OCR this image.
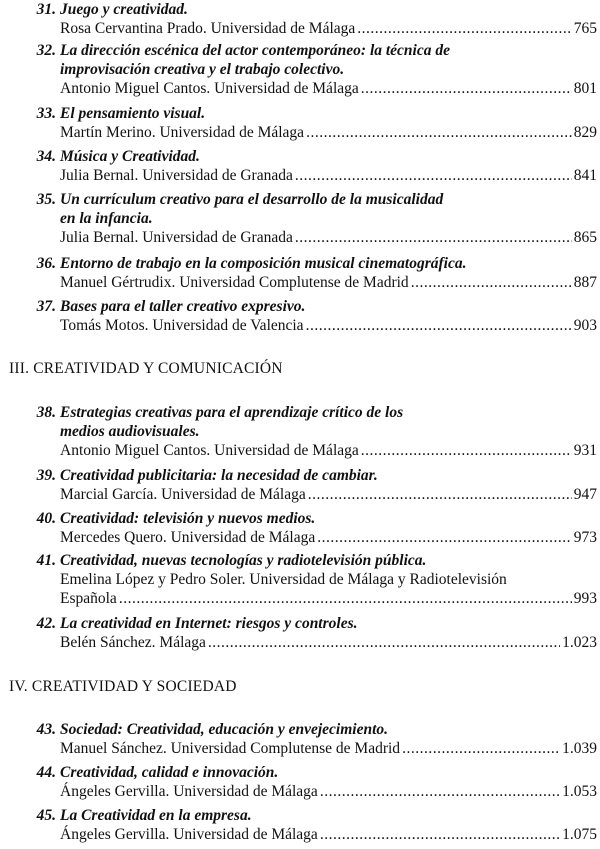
31. Juego y creatividad.
Rosa Cervantina Prado. Universidad de Málaga .....	765
32. La dirección escénica del actor contemporáneo: la técnica de
improvisación creativa y el trabajo colectivo.
Antonio Miguel Cantos. Universidad de Málaga .....	801
33. El pensamiento visual.
Martín Merino. Universidad de Málaga .....	829
34. Música y Creatividad.
Julia Bernal. Universidad de Granada .....	841
35. Un currículum creativo para el desarrollo de la musicalidad
en la infancia.
Julia Bernal. Universidad de Granada .....	865
36. Entorno de trabajo en la composición musical cinematográfica.
Manuel Gértrudix. Universidad Complutense de Madrid .....	887
37. Bases para el taller creativo expresivo.
Tomás Motos. Universidad de Valencia .....	903
III. CREATIVIDAD Y COMUNICACIÓN
38. Estrategias creativas para el aprendizaje crítico de los
medios audiovisuales.
Antonio Miguel Cantos. Universidad de Málaga .....	931
39. Creatividad publicitaria: la necesidad de cambiar.
Marcial García. Universidad de Málaga .....	947
40. Creatividad: televisión y nuevos medios.
Mercedes Quero. Universidad de Málaga .....	973
41. Creatividad, nuevas tecnologías y radiotelevisión pública.
Emelina López y Pedro Soler. Universidad de Málaga y Radiotelevisión
Española .....	993
42. La creatividad en Internet: riesgos y controles.
Belén Sánchez. Málaga .....	1.023
IV. CREATIVIDAD Y SOCIEDAD
43. Sociedad: Creatividad, educación y envejecimiento.
Manuel Sánchez. Universidad Complutense de Madrid .....	1.039
44. Creatividad, calidad e innovación.
Ángeles Gervilla. Universidad de Málaga .....	1.053
45. La Creatividad en la empresa.
Ángeles Gervilla. Universidad de Málaga .....	1.075
